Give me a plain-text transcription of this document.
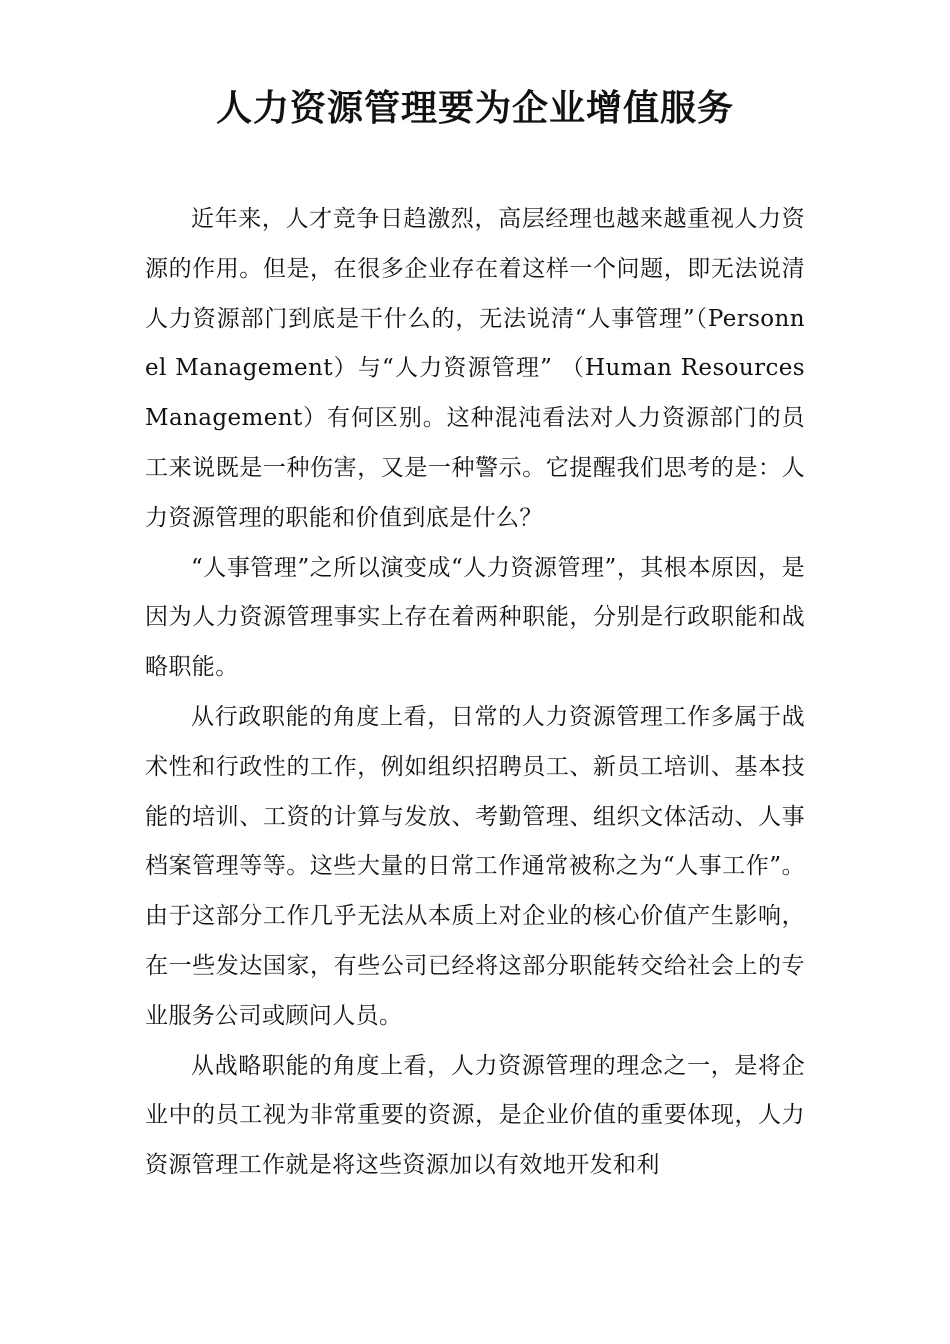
人力资源管理要为企业增值服务

近年来，人才竞争日趋激烈，高层经理也越来越重视人力资源的作用。但是，在很多企业存在着这样一个问题，即无法说清人力资源部门到底是干什么的，无法说清“人事管理”（Personnel Management）与“人力资源管理” （Human Resources Management）有何区别。这种混沌看法对人力资源部门的员工来说既是一种伤害，又是一种警示。它提醒我们思考的是：人力资源管理的职能和价值到底是什么？

“人事管理”之所以演变成“人力资源管理”，其根本原因，是因为人力资源管理事实上存在着两种职能，分别是行政职能和战略职能。

从行政职能的角度上看，日常的人力资源管理工作多属于战术性和行政性的工作，例如组织招聘员工、新员工培训、基本技能的培训、工资的计算与发放、考勤管理、组织文体活动、人事档案管理等等。这些大量的日常工作通常被称之为“人事工作”。由于这部分工作几乎无法从本质上对企业的核心价值产生影响，在一些发达国家，有些公司已经将这部分职能转交给社会上的专业服务公司或顾问人员。

从战略职能的角度上看，人力资源管理的理念之一，是将企业中的员工视为非常重要的资源，是企业价值的重要体现，人力资源管理工作就是将这些资源加以有效地开发和利
